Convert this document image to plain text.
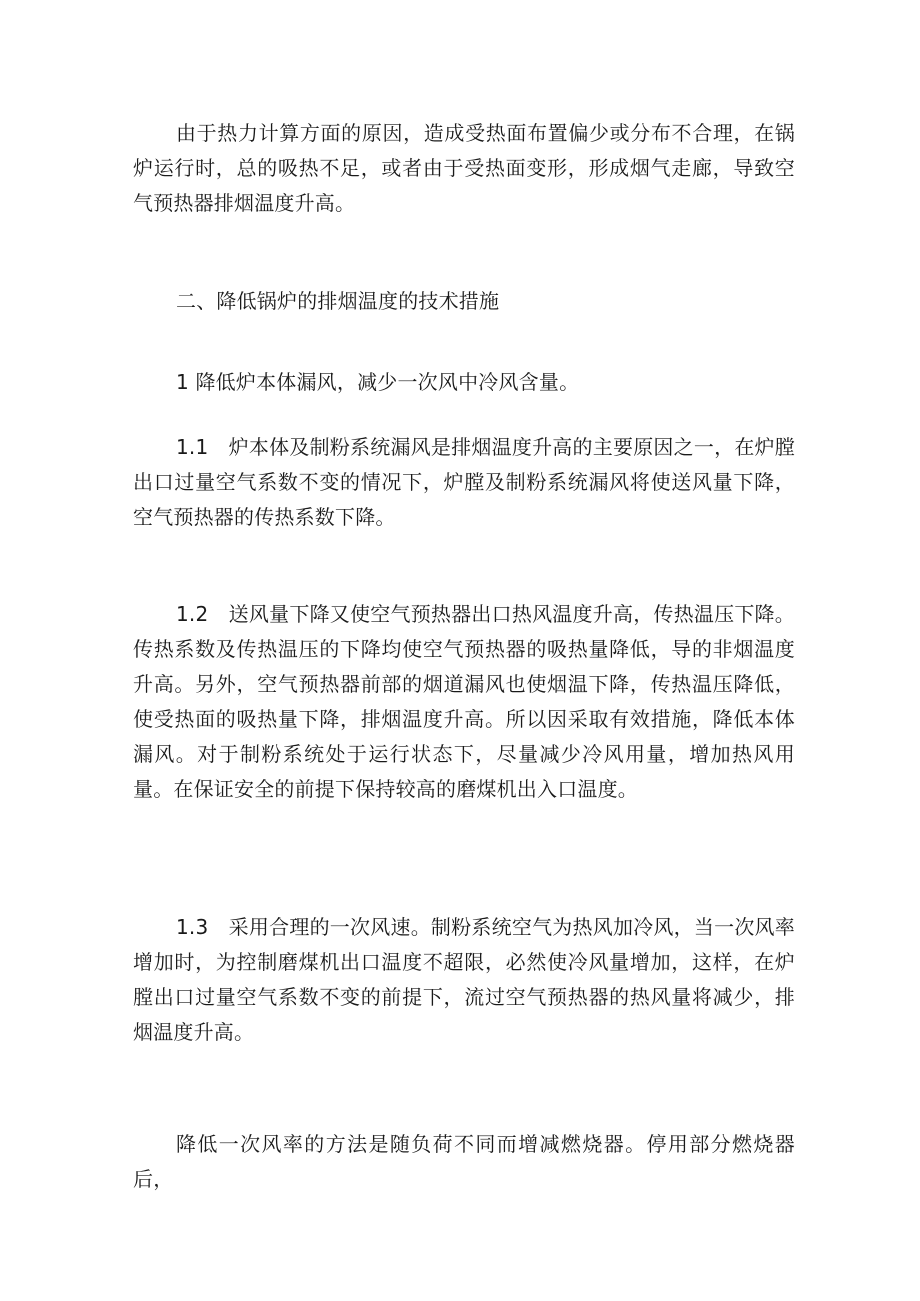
由于热力计算方面的原因，造成受热面布置偏少或分布不合理，在锅炉运行时，总的吸热不足，或者由于受热面变形，形成烟气走廊，导致空气预热器排烟温度升高。

二、降低锅炉的排烟温度的技术措施

1 降低炉本体漏风，减少一次风中冷风含量。

1.1　炉本体及制粉系统漏风是排烟温度升高的主要原因之一，在炉膛出口过量空气系数不变的情况下，炉膛及制粉系统漏风将使送风量下降，空气预热器的传热系数下降。

1.2　送风量下降又使空气预热器出口热风温度升高，传热温压下降。传热系数及传热温压的下降均使空气预热器的吸热量降低，导的非烟温度升高。另外，空气预热器前部的烟道漏风也使烟温下降，传热温压降低，使受热面的吸热量下降，排烟温度升高。所以因采取有效措施，降低本体漏风。对于制粉系统处于运行状态下，尽量减少冷风用量，增加热风用量。在保证安全的前提下保持较高的磨煤机出入口温度。

1.3　采用合理的一次风速。制粉系统空气为热风加冷风，当一次风率增加时，为控制磨煤机出口温度不超限，必然使冷风量增加，这样，在炉膛出口过量空气系数不变的前提下，流过空气预热器的热风量将减少，排烟温度升高。

降低一次风率的方法是随负荷不同而增减燃烧器。停用部分燃烧器后，
